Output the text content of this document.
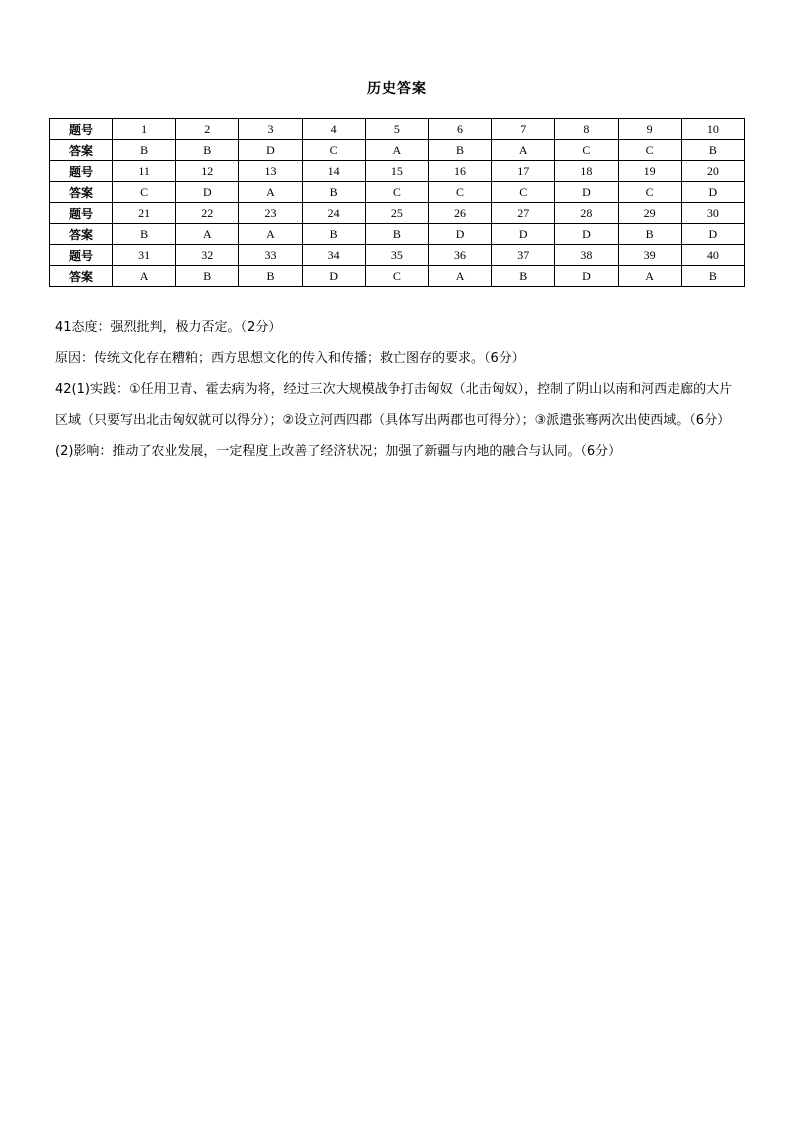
历史答案
题号	1	2	3	4	5	6	7	8	9	10
答案	B	B	D	C	A	B	A	C	C	B
题号	11	12	13	14	15	16	17	18	19	20
答案	C	D	A	B	C	C	C	D	C	D
题号	21	22	23	24	25	26	27	28	29	30
答案	B	A	A	B	B	D	D	D	B	D
题号	31	32	33	34	35	36	37	38	39	40
答案	A	B	B	D	C	A	B	D	A	B

41态度：强烈批判，极力否定。（2分）

原因：传统文化存在糟粕；西方思想文化的传入和传播；救亡图存的要求。（6分）

42(1)实践：①任用卫青、霍去病为将，经过三次大规模战争打击匈奴（北击匈奴），控制了阴山以南和河西走廊的大片区域（只要写出北击匈奴就可以得分）；②设立河西四郡（具体写出两郡也可得分）；③派遣张骞两次出使西域。（6分）

(2)影响：推动了农业发展，一定程度上改善了经济状况；加强了新疆与内地的融合与认同。（6分）
